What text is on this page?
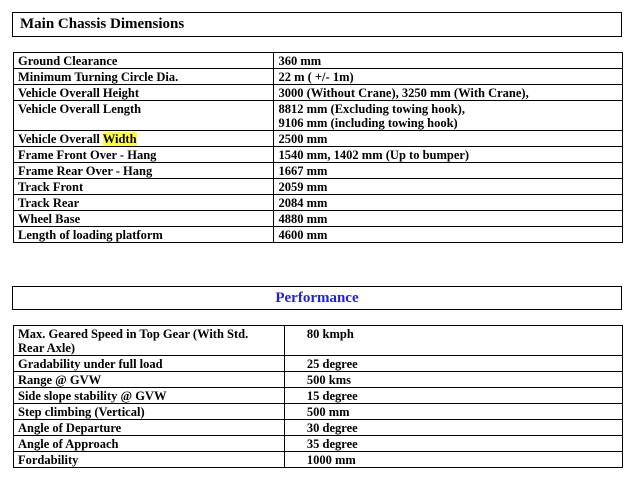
Main Chassis Dimensions
Ground Clearance	360 mm

Minimum Turning Circle Dia.	22 m ( +/- 1m)

Vehicle Overall Height	3000 (Without Crane), 3250 mm (With Crane),

Vehicle Overall Length	8812 mm (Excluding towing hook),
9106 mm (including towing hook)

Vehicle Overall Width	2500 mm

Frame Front Over - Hang	1540 mm, 1402 mm (Up to bumper)

Frame Rear Over - Hang	1667 mm

Track Front	2059 mm

Track Rear	2084 mm

Wheel Base	4880 mm

Length of loading platform	4600 mm
Performance
Max. Geared Speed in Top Gear (With Std.
Rear Axle)	80 kmph

Gradability under full load	25 degree

Range @ GVW	500 kms

Side slope stability @ GVW	15 degree

Step climbing (Vertical)	500 mm

Angle of Departure	30 degree

Angle of Approach	35 degree

Fordability	1000 mm
